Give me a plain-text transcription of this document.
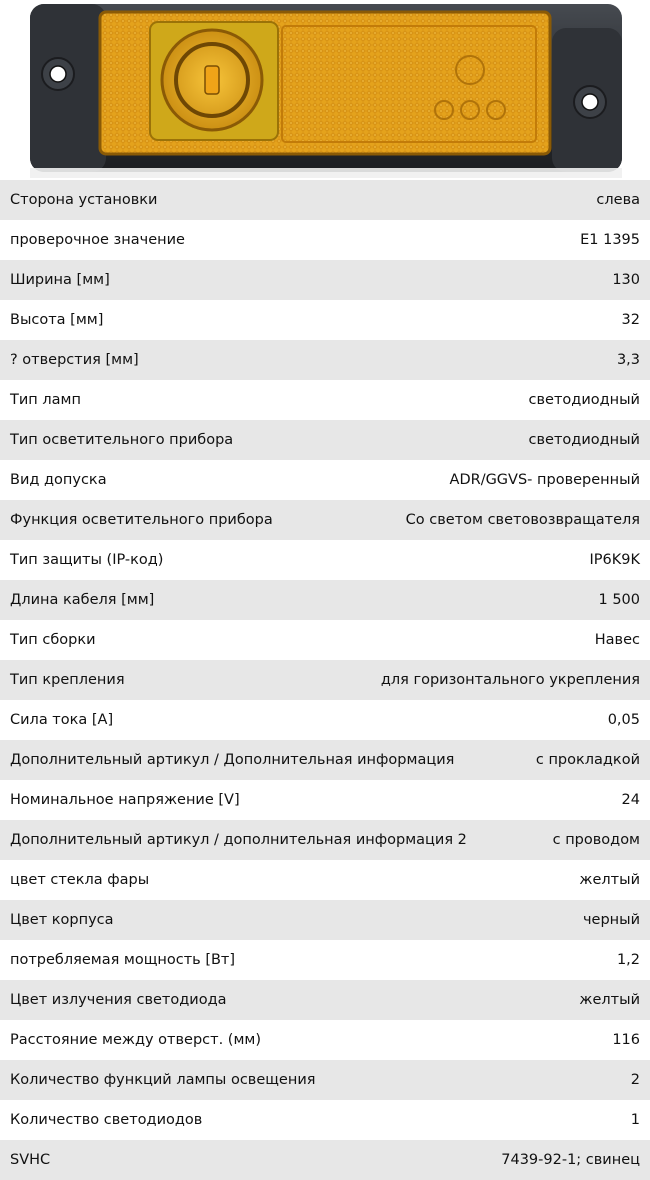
Сторона установки	слева
проверочное значение	E1 1395
Ширина [мм]	130
Высота [мм]	32
? отверстия [мм]	3,3
Тип ламп	светодиодный
Тип осветительного прибора	светодиодный
Вид допуска	ADR/GGVS- проверенный
Функция осветительного прибора	Со светом световозвращателя
Тип защиты (IP-код)	IP6K9K
Длина кабеля [мм]	1 500
Тип сборки	Навес
Тип крепления	для горизонтального укрепления
Сила тока [A]	0,05
Дополнительный артикул / Дополнительная информация	с прокладкой
Номинальное напряжение [V]	24
Дополнительный артикул / дополнительная информация 2	с проводом
цвет стекла фары	желтый
Цвет корпуса	черный
потребляемая мощность [Вт]	1,2
Цвет излучения светодиода	желтый
Расстояние между отверст. (мм)	116
Количество функций лампы освещения	2
Количество светодиодов	1
SVHC	7439-92-1; свинец
